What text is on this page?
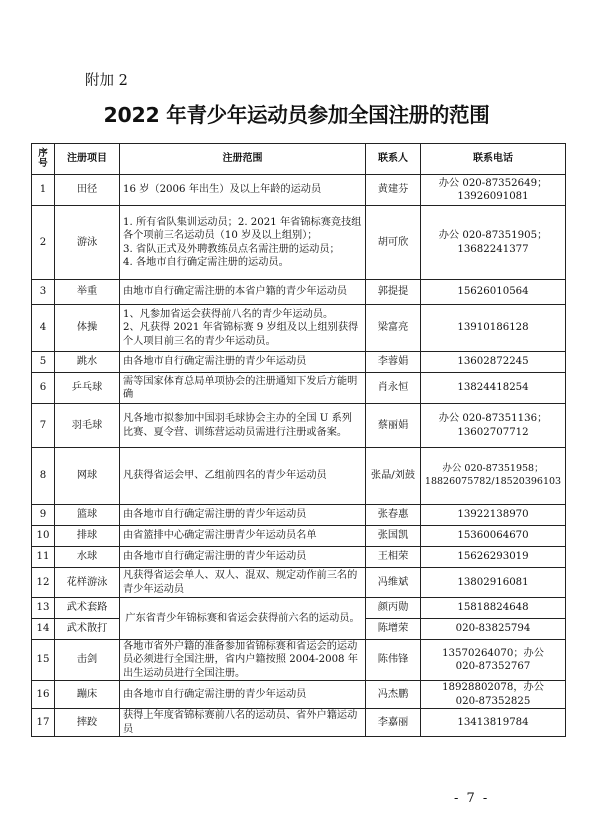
附加 2
2022 年青少年运动员参加全国注册的范围
序号	注册项目	注册范围	联系人	联系电话
1	田径	16 岁（2006 年出生）及以上年龄的运动员	黄建芬	办公 020-87352649；
13926091081
2	游泳	1. 所有省队集训运动员；2. 2021 年省锦标赛竞技组各个项前三名运动员（10 岁及以上组别）；
3. 省队正式及外聘教练员点名需注册的运动员；
4. 各地市自行确定需注册的运动员。	胡可欣	办公 020-87351905；
13682241377
3	举重	由地市自行确定需注册的本省户籍的青少年运动员	郭提提	15626010564
4	体操	1、凡参加省运会获得前八名的青少年运动员。
2、凡获得 2021 年省锦标赛 9 岁组及以上组别获得个人项目前三名的青少年运动员。	梁富亮	13910186128
5	跳水	由各地市自行确定需注册的青少年运动员	李蓉娟	13602872245
6	乒乓球	需等国家体育总局单项协会的注册通知下发后方能明确	肖永恒	13824418254
7	羽毛球	凡各地市拟参加中国羽毛球协会主办的全国 U 系列比赛、夏令营、训练营运动员需进行注册或备案。	蔡丽娟	办公 020-87351136；
13602707712
8	网球	凡获得省运会甲、乙组前四名的青少年运动员	张晶/刘鼓	办公 020-87351958；
18826075782/18520396103
9	篮球	由各地市自行确定需注册的青少年运动员	张春惠	13922138970
10	排球	由省篮排中心确定需注册青少年运动员名单	张国凯	15360064670
11	水球	由各地市自行确定需注册的青少年运动员	王相荣	15626293019
12	花样游泳	凡获得省运会单人、双人、混双、规定动作前三名的青少年运动员	冯维斌	13802916081
13	武术套路	广东省青少年锦标赛和省运会获得前六名的运动员。	颜丙勋	15818824648
14	武术散打		陈增荣	020-83825794
15	击剑	各地市省外户籍的准备参加省锦标赛和省运会的运动员必须进行全国注册，省内户籍按照 2004-2008 年出生运动员进行全国注册。	陈伟锋	13570264070；办公
020-87352767
16	蹦床	由各地市自行确定需注册的青少年运动员	冯杰鹏	18928802078，办公
020-87352825
17	摔跤	获得上年度省锦标赛前八名的运动员、省外户籍运动员	李嘉丽	13413819784
- 7 -
